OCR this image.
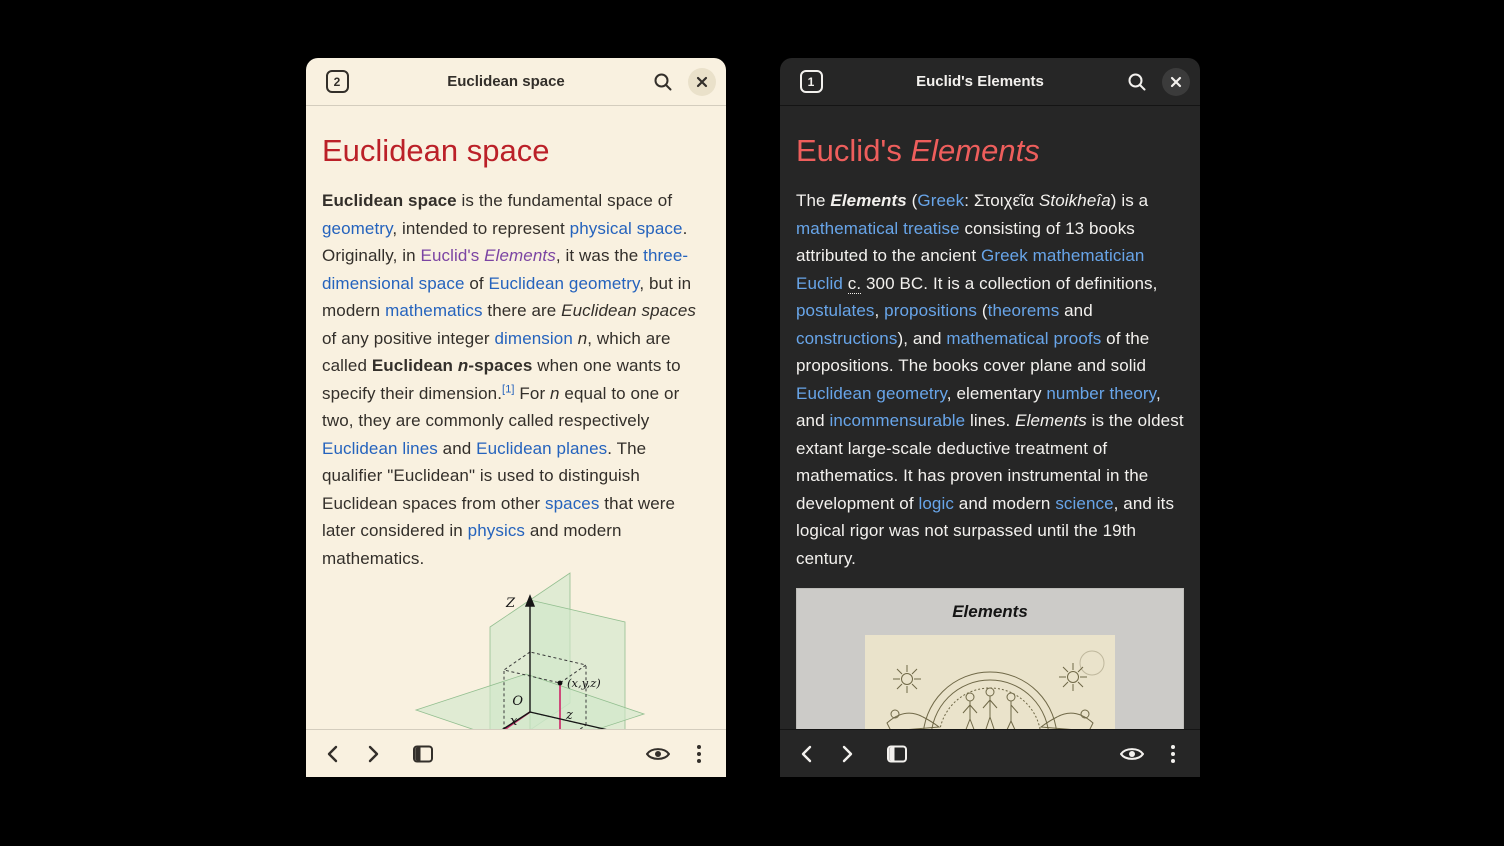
2	Euclidean space
Euclidean space

Euclidean space is the fundamental space of geometry, intended to represent physical space. Originally, in Euclid's Elements, it was the three-dimensional space of Euclidean geometry, but in modern mathematics there are Euclidean spaces of any positive integer dimension n, which are called Euclidean n-spaces when one wants to specify their dimension.[1] For n equal to one or two, they are commonly called respectively Euclidean lines and Euclidean planes. The qualifier "Euclidean" is used to distinguish Euclidean spaces from other spaces that were later considered in physics and modern mathematics.

Z
O
x	z
(x,y,z)
1	Euclid's Elements
Euclid's Elements

The Elements (Greek: Στοιχεῖα Stoikheîa) is a mathematical treatise consisting of 13 books attributed to the ancient Greek mathematician Euclid c. 300 BC. It is a collection of definitions, postulates, propositions (theorems and constructions), and mathematical proofs of the propositions. The books cover plane and solid Euclidean geometry, elementary number theory, and incommensurable lines. Elements is the oldest extant large-scale deductive treatment of mathematics. It has proven instrumental in the development of logic and modern science, and its logical rigor was not surpassed until the 19th century.

Elements
